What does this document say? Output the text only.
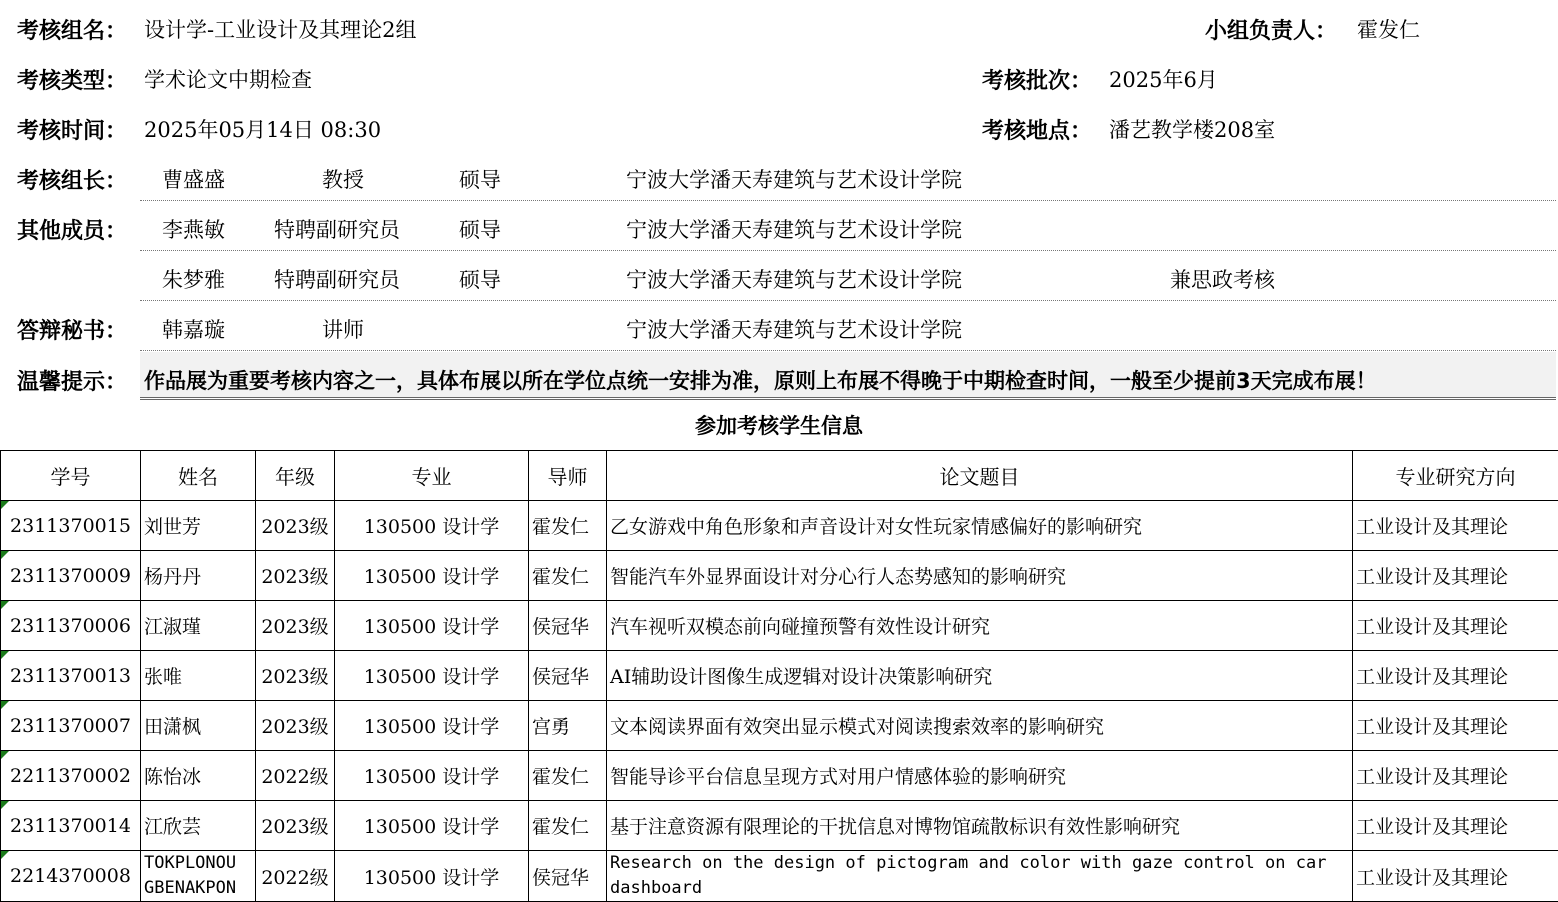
考核组名： 设计学-工业设计及其理论2组	小组负责人： 霍发仁
考核类型： 学术论文中期检查	考核批次： 2025年6月
考核时间： 2025年05月14日 08:30	考核地点： 潘艺教学楼208室
考核组长： 曹盛盛	教授	硕导	宁波大学潘天寿建筑与艺术设计学院
其他成员： 李燕敏 特聘副研究员	硕导	宁波大学潘天寿建筑与艺术设计学院
朱梦雅 特聘副研究员	硕导	宁波大学潘天寿建筑与艺术设计学院	兼思政考核
答辩秘书： 韩嘉璇	讲师	宁波大学潘天寿建筑与艺术设计学院
温馨提示： 作品展为重要考核内容之一，具体布展以所在学位点统一安排为准，原则上布展不得晚于中期检查时间，一般至少提前3天完成布展！
参加考核学生信息
学号	姓名	年级	专业	导师	论文题目	专业研究方向

2311370015	刘世芳	2023级	130500 设计学	霍发仁	乙女游戏中角色形象和声音设计对女性玩家情感偏好的影响研究	工业设计及其理论

2311370009	杨丹丹	2023级	130500 设计学	霍发仁	智能汽车外显界面设计对分心行人态势感知的影响研究	工业设计及其理论

2311370006	江淑瑾	2023级	130500 设计学	侯冠华	汽车视听双模态前向碰撞预警有效性设计研究	工业设计及其理论

2311370013	张唯	2023级	130500 设计学	侯冠华	AI辅助设计图像生成逻辑对设计决策影响研究	工业设计及其理论

2311370007	田潇枫	2023级	130500 设计学	宫勇	文本阅读界面有效突出显示模式对阅读搜索效率的影响研究	工业设计及其理论

2211370002	陈怡冰	2022级	130500 设计学	霍发仁	智能导诊平台信息呈现方式对用户情感体验的影响研究	工业设计及其理论

2311370014	江欣芸	2023级	130500 设计学	霍发仁	基于注意资源有限理论的干扰信息对博物馆疏散标识有效性影响研究	工业设计及其理论

2214370008	TOKPLONOU GBENAKPON	2022级	130500 设计学	侯冠华	Research on the design of pictogram and color with gaze control on car dashboard	工业设计及其理论
